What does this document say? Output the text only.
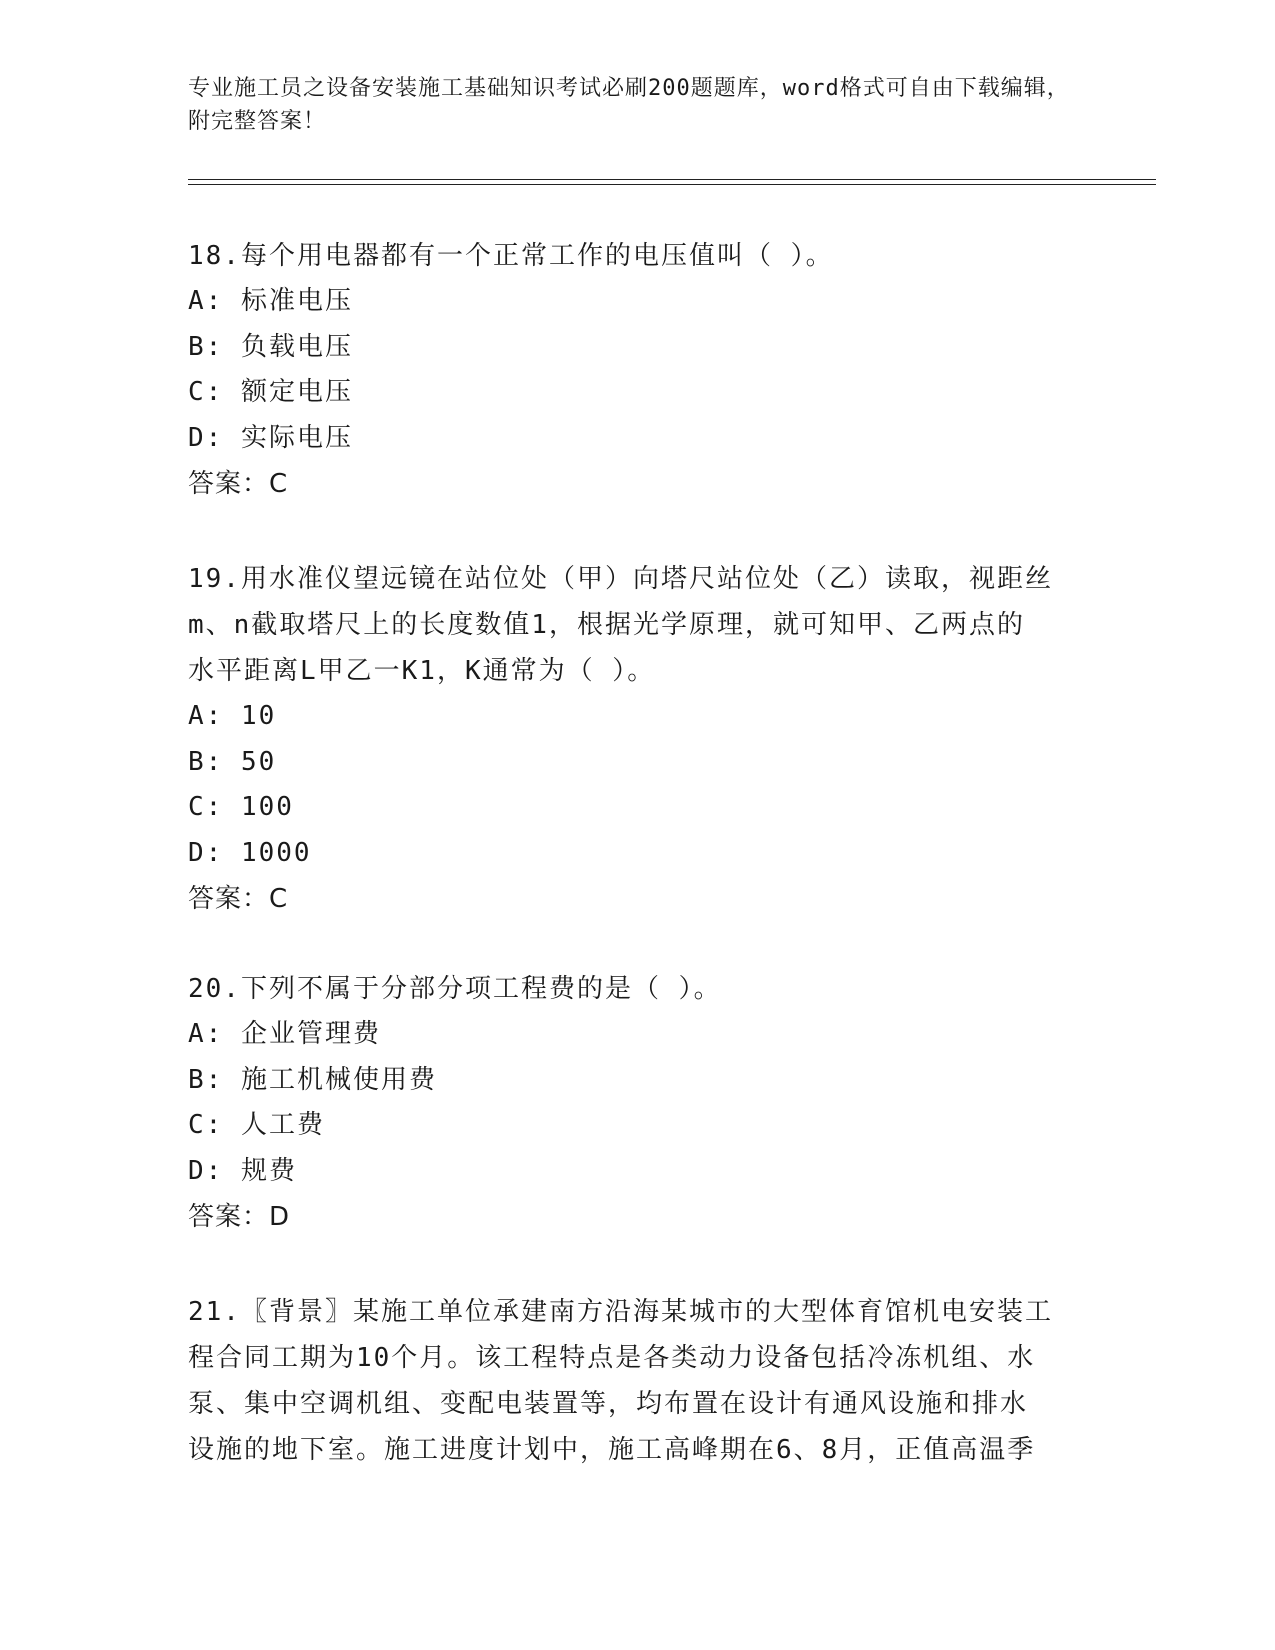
专业施工员之设备安装施工基础知识考试必刷200题题库，word格式可自由下载编辑，附完整答案！
18.每个用电器都有一个正常工作的电压值叫（ ）。
A: 标准电压
B: 负载电压
C: 额定电压
D: 实际电压
答案：C
19.用水准仪望远镜在站位处（甲）向塔尺站位处（乙）读取，视距丝
m、n截取塔尺上的长度数值1，根据光学原理，就可知甲、乙两点的
水平距离L甲乙一K1，K通常为（ ）。
A: 10
B: 50
C: 100
D: 1000
答案：C
20.下列不属于分部分项工程费的是（ ）。
A: 企业管理费
B: 施工机械使用费
C: 人工费
D: 规费
答案：D
21.〖背景〗某施工单位承建南方沿海某城市的大型体育馆机电安装工
程合同工期为10个月。该工程特点是各类动力设备包括冷冻机组、水
泵、集中空调机组、变配电装置等，均布置在设计有通风设施和排水
设施的地下室。施工进度计划中，施工高峰期在6、8月，正值高温季
